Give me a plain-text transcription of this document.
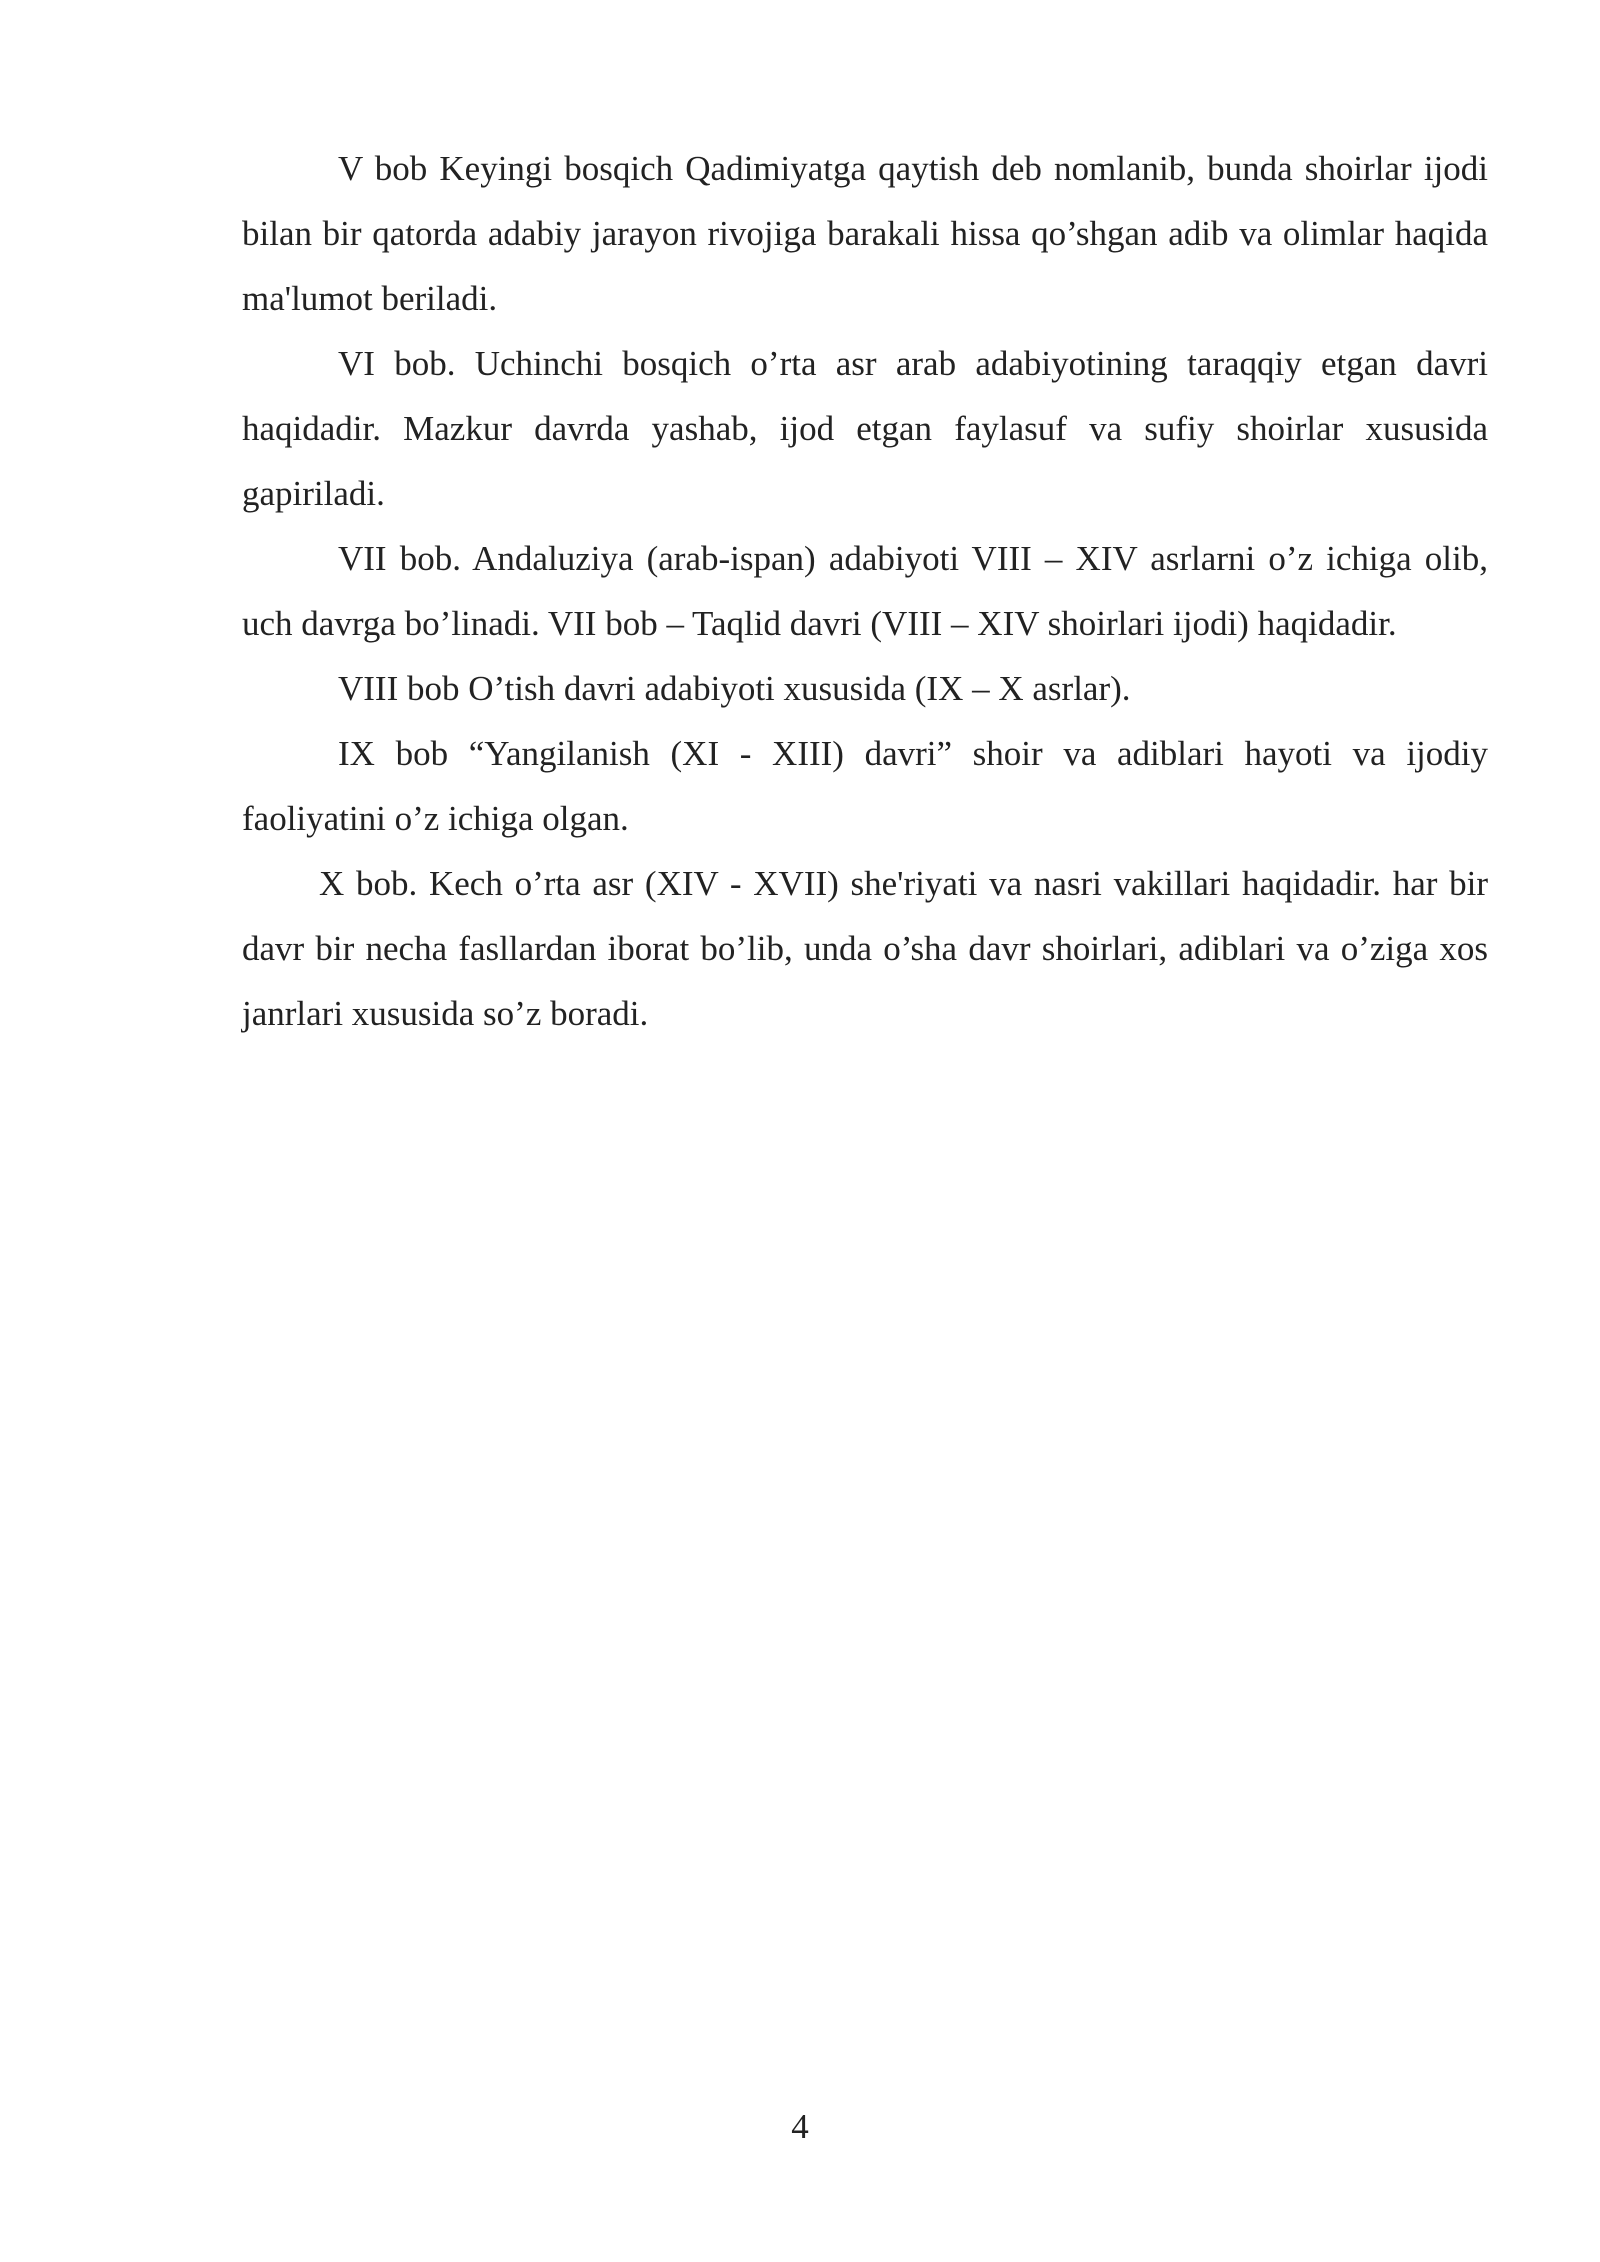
V bob Keyingi bosqich Qadimiyatga qaytish deb nomlanib, bunda shoirlar ijodi bilan bir qatorda adabiy jarayon rivojiga barakali hissa qo’shgan adib va olimlar haqida ma'lumot beriladi.

VI bob. Uchinchi bosqich o’rta asr arab adabiyotining taraqqiy etgan davri haqidadir. Mazkur davrda yashab, ijod etgan faylasuf va sufiy shoirlar xususida gapiriladi.

VII bob. Andaluziya (arab-ispan) adabiyoti VIII – XIV asrlarni o’z ichiga olib, uch davrga bo’linadi. VII bob – Taqlid davri (VIII – XIV shoirlari ijodi) haqidadir.

VIII bob O’tish davri adabiyoti xususida (IX – X asrlar).

IX bob “Yangilanish (XI - XIII) davri” shoir va adiblari hayoti va ijodiy faoliyatini o’z ichiga olgan.

X bob. Kech o’rta asr (XIV - XVII) she'riyati va nasri vakillari haqidadir. har bir davr bir necha fasllardan iborat bo’lib, unda o’sha davr shoirlari, adiblari va o’ziga xos janrlari xususida so’z boradi.

4
